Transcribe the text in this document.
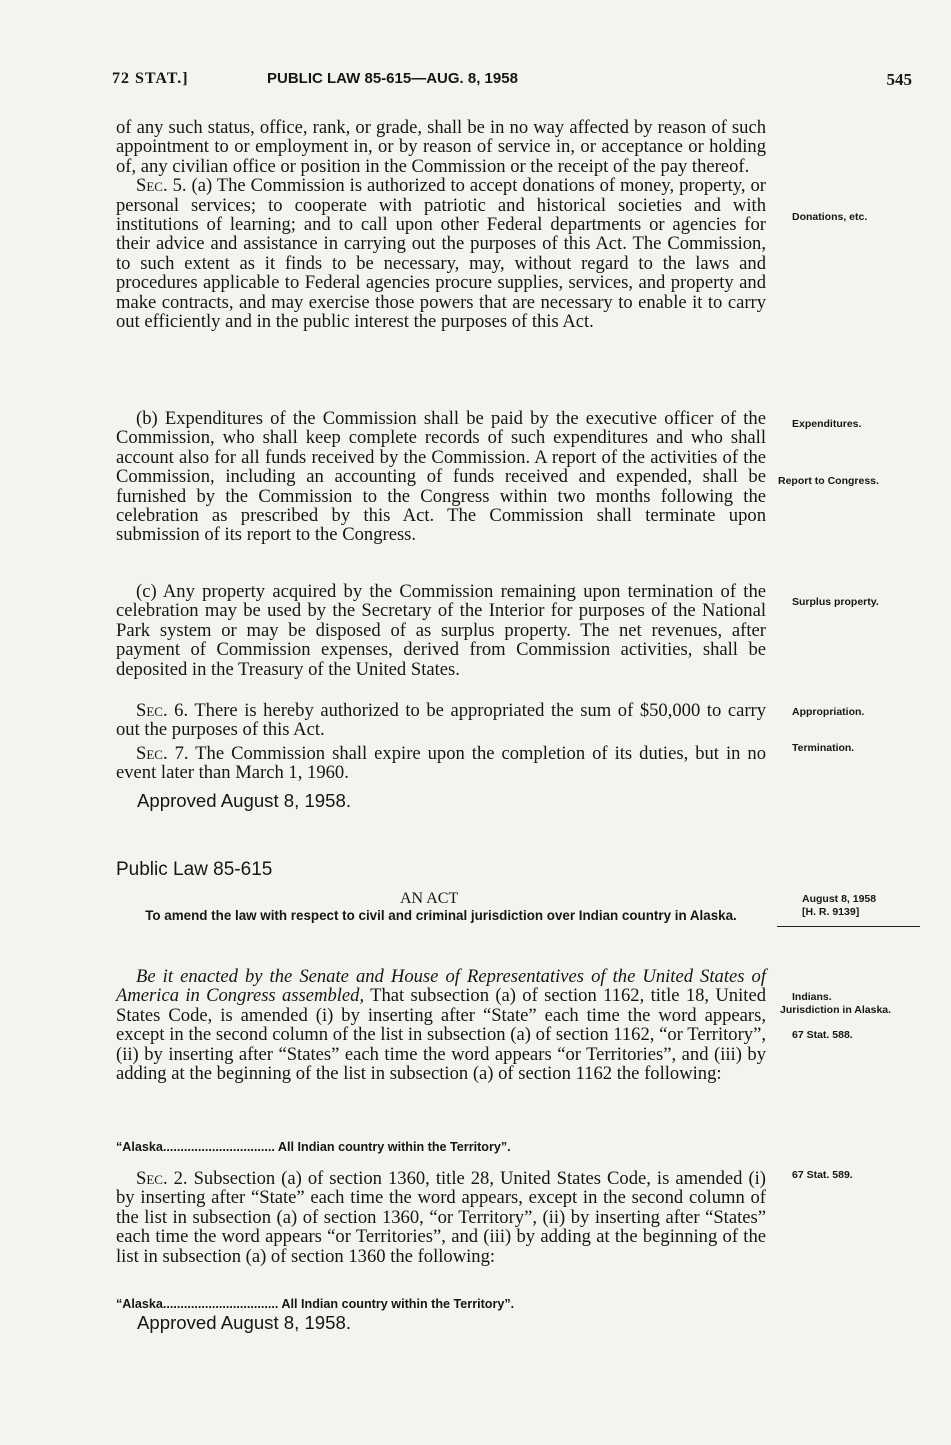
72 STAT.]	PUBLIC LAW 85-615—AUG. 8, 1958	545

of any such status, office, rank, or grade, shall be in no way affected by reason of such appointment to or employment in, or by reason of service in, or acceptance or holding of, any civilian office or position in the Commission or the receipt of the pay thereof.

Sec. 5. (a) The Commission is authorized to accept donations of money, property, or personal services; to cooperate with patriotic and historical societies and with institutions of learning; and to call upon other Federal departments or agencies for their advice and assistance in carrying out the purposes of this Act. The Commission, to such extent as it finds to be necessary, may, without regard to the laws and procedures applicable to Federal agencies procure supplies, services, and property and make contracts, and may exercise those powers that are necessary to enable it to carry out efficiently and in the public interest the purposes of this Act.

(b) Expenditures of the Commission shall be paid by the executive officer of the Commission, who shall keep complete records of such expenditures and who shall account also for all funds received by the Commission. A report of the activities of the Commission, including an accounting of funds received and expended, shall be furnished by the Commission to the Congress within two months following the celebration as prescribed by this Act. The Commission shall terminate upon submission of its report to the Congress.

(c) Any property acquired by the Commission remaining upon termination of the celebration may be used by the Secretary of the Interior for purposes of the National Park system or may be disposed of as surplus property. The net revenues, after payment of Commission expenses, derived from Commission activities, shall be deposited in the Treasury of the United States.

Sec. 6. There is hereby authorized to be appropriated the sum of $50,000 to carry out the purposes of this Act.

Sec. 7. The Commission shall expire upon the completion of its duties, but in no event later than March 1, 1960.

Approved August 8, 1958.
Public Law 85-615
AN ACT
To amend the law with respect to civil and criminal jurisdiction over Indian country in Alaska.

Be it enacted by the Senate and House of Representatives of the United States of America in Congress assembled, That subsection (a) of section 1162, title 18, United States Code, is amended (i) by inserting after “State” each time the word appears, except in the second column of the list in subsection (a) of section 1162, “or Territory”, (ii) by inserting after “States” each time the word appears “or Territories”, and (iii) by adding at the beginning of the list in subsection (a) of section 1162 the following:

“Alaska................................ All Indian country within the Territory”.

Sec. 2. Subsection (a) of section 1360, title 28, United States Code, is amended (i) by inserting after “State” each time the word appears, except in the second column of the list in subsection (a) of section 1360, “or Territory”, (ii) by inserting after “States” each time the word appears “or Territories”, and (iii) by adding at the beginning of the list in subsection (a) of section 1360 the following:

“Alaska................................. All Indian country within the Territory”.
Approved August 8, 1958.
Donations, etc.
Expenditures.
Report to Congress.
Surplus property.
Appropriation.
Termination.
August 8, 1958
[H. R. 9139]
Indians.
Jurisdiction in Alaska.
67 Stat. 588.
67 Stat. 589.
